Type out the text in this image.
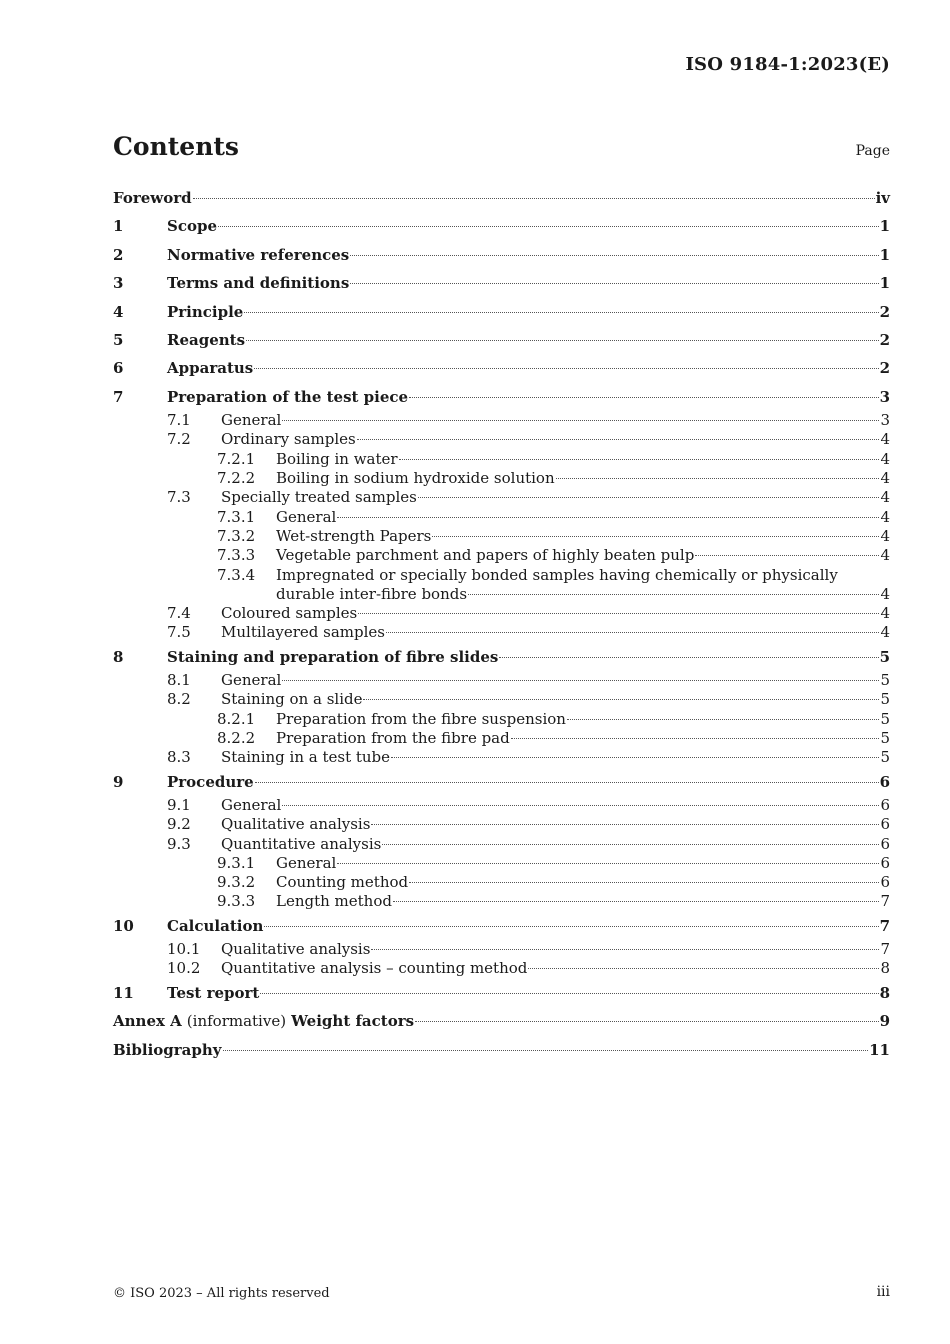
ISO 9184-1:2023(E)
Contents	Page
Foreword	iv
1	Scope	1
2	Normative references	1
3	Terms and definitions	1
4	Principle	2
5	Reagents	2
6	Apparatus	2
7	Preparation of the test piece	3
7.1	General	3
7.2	Ordinary samples	4
7.2.1	Boiling in water	4
7.2.2	Boiling in sodium hydroxide solution	4
7.3	Specially treated samples	4
7.3.1	General	4
7.3.2	Wet-strength Papers	4
7.3.3	Vegetable parchment and papers of highly beaten pulp	4
7.3.4	Impregnated or specially bonded samples having chemically or physically
durable inter-fibre bonds	4
7.4	Coloured samples	4
7.5	Multilayered samples	4
8	Staining and preparation of fibre slides	5
8.1	General	5
8.2	Staining on a slide	5
8.2.1	Preparation from the fibre suspension	5
8.2.2	Preparation from the fibre pad	5
8.3	Staining in a test tube	5
9	Procedure	6
9.1	General	6
9.2	Qualitative analysis	6
9.3	Quantitative analysis	6
9.3.1	General	6
9.3.2	Counting method	6
9.3.3	Length method	7
10	Calculation	7
10.1	Qualitative analysis	7
10.2	Quantitative analysis – counting method	8
11	Test report	8
Annex A (informative) Weight factors	9
Bibliography	11
© ISO 2023 – All rights reserved	iii
